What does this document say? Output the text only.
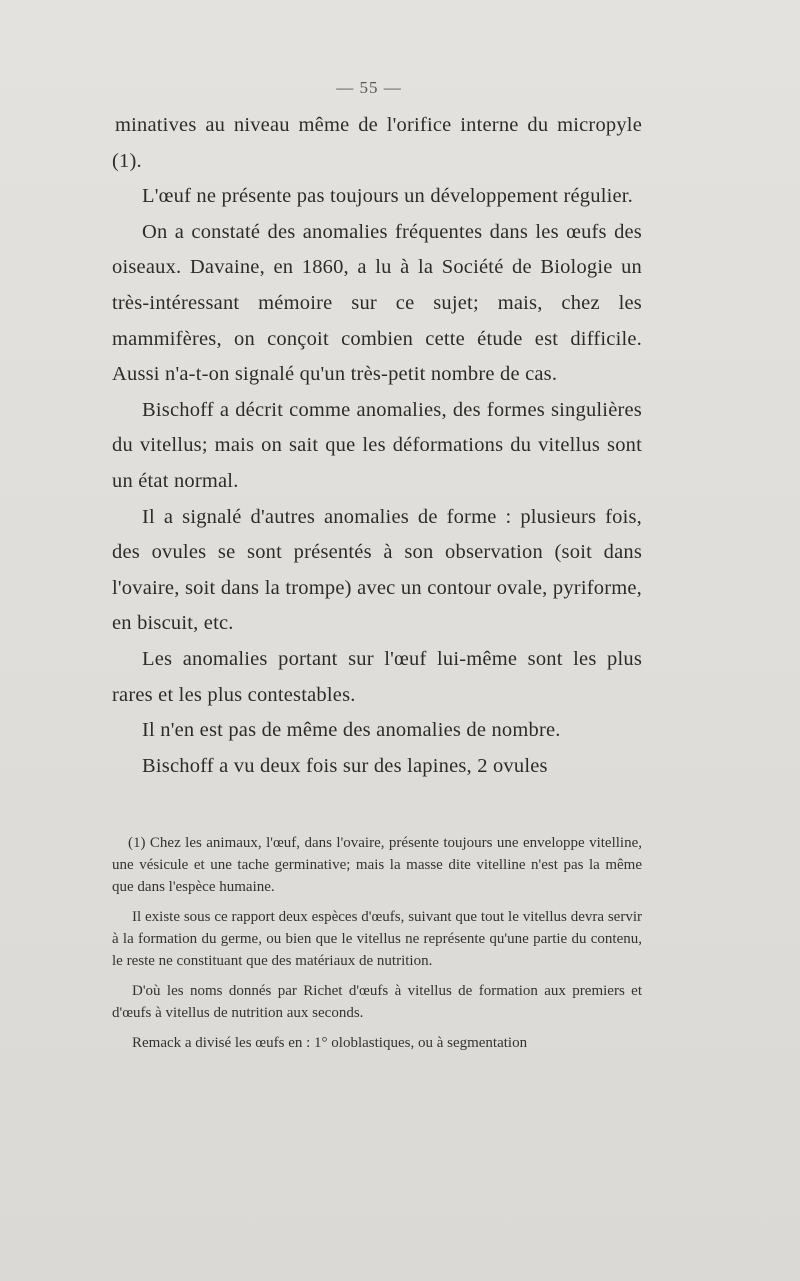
— 55 —

minatives au niveau même de l'orifice interne du micropyle (1).

L'œuf ne présente pas toujours un développement régulier.

On a constaté des anomalies fréquentes dans les œufs des oiseaux. Davaine, en 1860, a lu à la Société de Biologie un très-intéressant mémoire sur ce sujet; mais, chez les mammifères, on conçoit combien cette étude est difficile. Aussi n'a-t-on signalé qu'un très-petit nombre de cas.

Bischoff a décrit comme anomalies, des formes singulières du vitellus; mais on sait que les déformations du vitellus sont un état normal.

Il a signalé d'autres anomalies de forme : plusieurs fois, des ovules se sont présentés à son observation (soit dans l'ovaire, soit dans la trompe) avec un contour ovale, pyriforme, en biscuit, etc.

Les anomalies portant sur l'œuf lui-même sont les plus rares et les plus contestables.

Il n'en est pas de même des anomalies de nombre.

Bischoff a vu deux fois sur des lapines, 2 ovules

(1) Chez les animaux, l'œuf, dans l'ovaire, présente toujours une enveloppe vitelline, une vésicule et une tache germinative; mais la masse dite vitelline n'est pas la même que dans l'espèce humaine.

Il existe sous ce rapport deux espèces d'œufs, suivant que tout le vitellus devra servir à la formation du germe, ou bien que le vitellus ne représente qu'une partie du contenu, le reste ne constituant que des matériaux de nutrition.

D'où les noms donnés par Richet d'œufs à vitellus de formation aux premiers et d'œufs à vitellus de nutrition aux seconds.

Remack a divisé les œufs en : 1° oloblastiques, ou à segmentation
